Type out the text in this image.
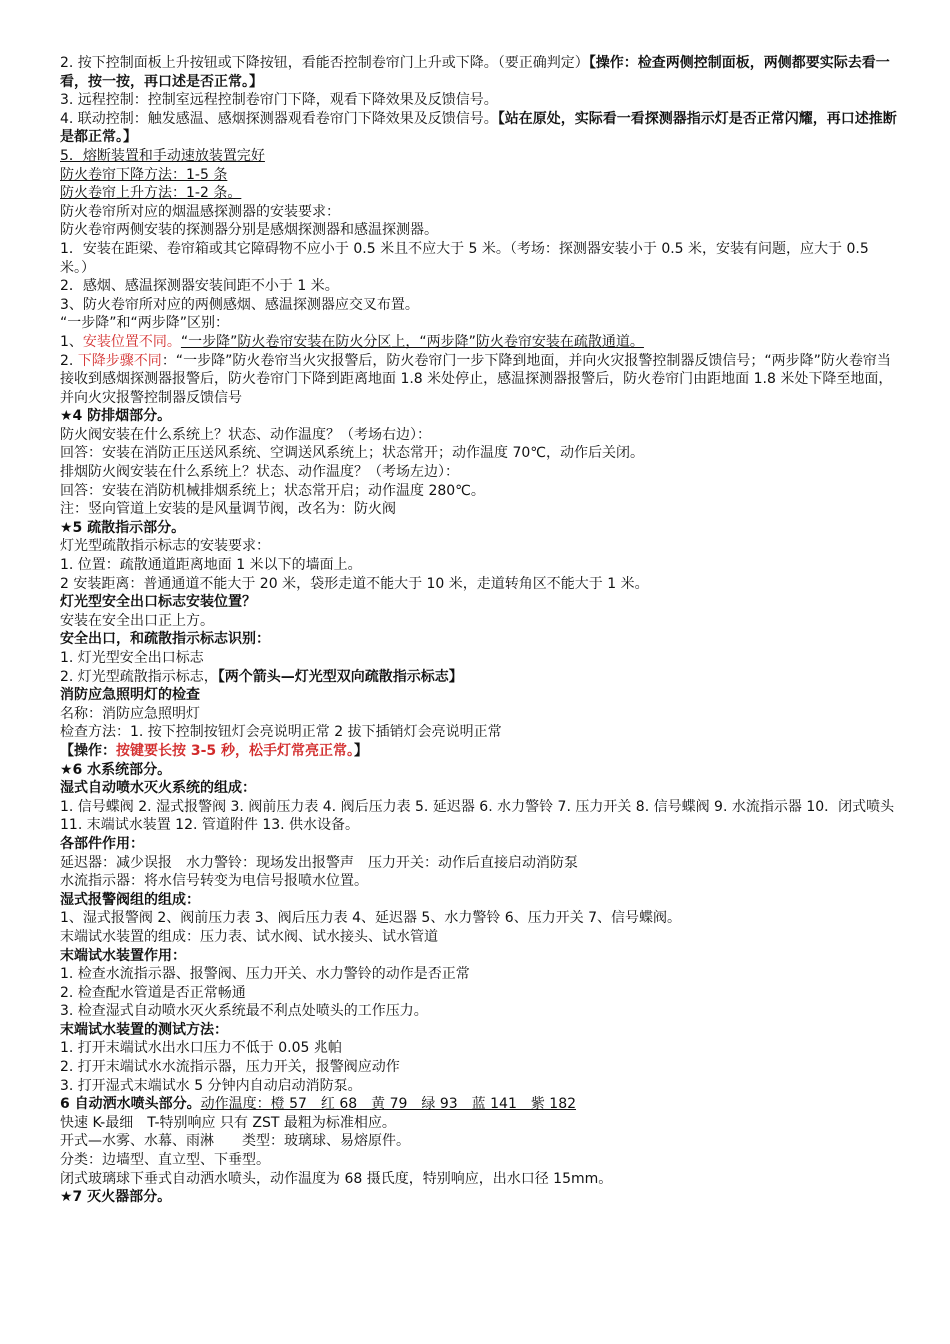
2. 按下控制面板上升按钮或下降按钮，看能否控制卷帘门上升或下降。（要正确判定）【操作：检查两侧控制面板，两侧都要实际去看一看，按一按，再口述是否正常。】
3. 远程控制：控制室远程控制卷帘门下降，观看下降效果及反馈信号。
4. 联动控制：触发感温、感烟探测器观看卷帘门下降效果及反馈信号。【站在原处，实际看一看探测器指示灯是否正常闪耀，再口述推断是都正常。】
5．熔断装置和手动速放装置完好
防火卷帘下降方法：1-5 条
防火卷帘上升方法：1-2 条。
防火卷帘所对应的烟温感探测器的安装要求：
防火卷帘两侧安装的探测器分别是感烟探测器和感温探测器。
1．安装在距梁、卷帘箱或其它障碍物不应小于 0.5 米且不应大于 5 米。（考场：探测器安装小于 0.5 米，安装有问题，应大于 0.5 米。）
2．感烟、感温探测器安装间距不小于 1 米。
3、防火卷帘所对应的两侧感烟、感温探测器应交叉布置。
“一步降”和“两步降”区别：
1、安装位置不同。“一步降”防火卷帘安装在防火分区上，“两步降”防火卷帘安装在疏散通道。
2. 下降步骤不同：“一步降”防火卷帘当火灾报警后，防火卷帘门一步下降到地面，并向火灾报警控制器反馈信号；“两步降”防火卷帘当接收到感烟探测器报警后，防火卷帘门下降到距离地面 1.8 米处停止，感温探测器报警后，防火卷帘门由距地面 1.8 米处下降至地面，并向火灾报警控制器反馈信号
★4 防排烟部分。
防火阀安装在什么系统上？状态、动作温度？（考场右边）：
回答：安装在消防正压送风系统、空调送风系统上；状态常开；动作温度 70℃，动作后关闭。
排烟防火阀安装在什么系统上？状态、动作温度？（考场左边）：
回答：安装在消防机械排烟系统上；状态常开启；动作温度 280℃。
注：竖向管道上安装的是风量调节阀，改名为：防火阀
★5 疏散指示部分。
灯光型疏散指示标志的安装要求：
1. 位置：疏散通道距离地面 1 米以下的墙面上。
2 安装距离：普通通道不能大于 20 米，袋形走道不能大于 10 米，走道转角区不能大于 1 米。
灯光型安全出口标志安装位置？
安装在安全出口正上方。
安全出口，和疏散指示标志识别：
1. 灯光型安全出口标志
2. 灯光型疏散指示标志，【两个箭头—灯光型双向疏散指示标志】
消防应急照明灯的检查
名称：消防应急照明灯
检查方法：1. 按下控制按钮灯会亮说明正常 2 拔下插销灯会亮说明正常
【操作：按键要长按 3-5 秒，松手灯常亮正常。】
★6 水系统部分。
湿式自动喷水灭火系统的组成：
1. 信号蝶阀 2. 湿式报警阀 3. 阀前压力表 4. 阀后压力表 5. 延迟器 6. 水力警铃 7. 压力开关 8. 信号蝶阀 9. 水流指示器 10．闭式喷头 11. 末端试水装置 12. 管道附件 13. 供水设备。
各部件作用：
延迟器：减少误报　水力警铃：现场发出报警声　压力开关：动作后直接启动消防泵
水流指示器：将水信号转变为电信号报喷水位置。
湿式报警阀组的组成：
1、湿式报警阀 2、阀前压力表 3、阀后压力表 4、延迟器 5、水力警铃 6、压力开关 7、信号蝶阀。
末端试水装置的组成：压力表、试水阀、试水接头、试水管道
末端试水装置作用：
1. 检查水流指示器、报警阀、压力开关、水力警铃的动作是否正常
2. 检查配水管道是否正常畅通
3. 检查湿式自动喷水灭火系统最不利点处喷头的工作压力。
末端试水装置的测试方法：
1. 打开末端试水出水口压力不低于 0.05 兆帕
2. 打开末端试水水流指示器，压力开关，报警阀应动作
3. 打开湿式末端试水 5 分钟内自动启动消防泵。
6 自动洒水喷头部分。动作温度：橙 57　红 68　黄 79　绿 93　蓝 141　紫 182
快速 K-最细　T-特别响应 只有 ZST 最粗为标准相应。
开式—水雾、水幕、雨淋　　类型：玻璃球、易熔原件。
分类：边墙型、直立型、下垂型。
闭式玻璃球下垂式自动洒水喷头，动作温度为 68 摄氏度，特别响应，出水口径 15mm。
★7 灭火器部分。
